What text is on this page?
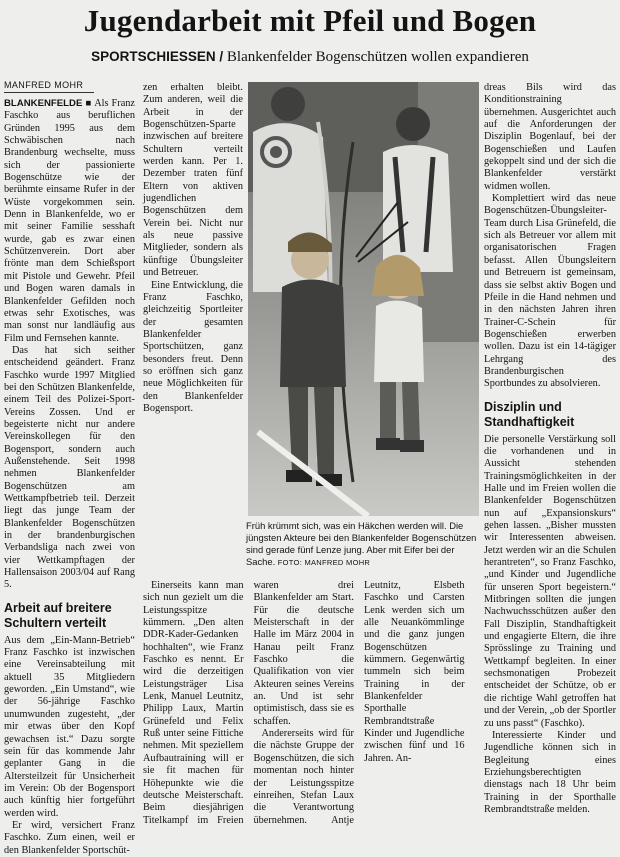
Jugendarbeit mit Pfeil und Bogen
SPORTSCHIESSEN / Blankenfelder Bogenschützen wollen expandieren
MANFRED MOHR

BLANKENFELDE ■ Als Franz Faschko aus beruflichen Gründen 1995 aus dem Schwäbischen nach Brandenburg wechselte, muss sich der passionierte Bogenschütze wie der berühmte einsame Rufer in der Wüste vorgekommen sein. Denn in Blankenfelde, wo er mit seiner Familie sesshaft wurde, gab es zwar einen Schützenverein. Dort aber frönte man dem Schießsport mit Pistole und Gewehr. Pfeil und Bogen waren damals in Blankenfelder Gefilden noch etwas sehr Exotisches, was man sonst nur landläufig aus Film und Fernsehen kannte.

Das hat sich seither entscheidend geändert. Franz Faschko wurde 1997 Mitglied bei den Schützen Blankenfelde, einem Teil des Polizei-Sport-Vereins Zossen. Und er begeisterte nicht nur andere Vereinskollegen für den Bogensport, sondern auch Außenstehende. Seit 1998 nehmen Blankenfelder Bogenschützen am Wettkampfbetrieb teil. Derzeit liegt das junge Team der Blankenfelder Bogenschützen in der brandenburgischen Verbandsliga nach zwei von vier Wettkampftagen der Hallensaison 2003/04 auf Rang 5.

Arbeit auf breitere Schultern verteilt

Aus dem „Ein-Mann-Betrieb“ Franz Faschko ist inzwischen eine Vereinsabteilung mit aktuell 35 Mitgliedern geworden. „Ein Umstand“, wie der 56-jährige Faschko unumwunden zugesteht, „der mir etwas über den Kopf gewachsen ist.“ Dazu sorgte sein für das kommende Jahr geplanter Gang in die Altersteilzeit für Unsicherheit im Verein: Ob der Bogensport auch künftig hier fortgeführt werden wird.

Er wird, versichert Franz Faschko. Zum einen, weil er den Blankenfelder Sportschüt-

zen erhalten bleibt. Zum anderen, weil die Arbeit in der Bogenschützen-Sparte inzwischen auf breitere Schultern verteilt werden kann. Per 1. Dezember traten fünf Eltern von aktiven jugendlichen Bogenschützen dem Verein bei. Nicht nur als neue passive Mitglieder, sondern als künftige Übungsleiter und Betreuer.

Eine Entwicklung, die Franz Faschko, gleichzeitig Sportleiter der gesamten Blankenfelder Sportschützen, ganz besonders freut. Denn so eröffnen sich ganz neue Möglichkeiten für den Blankenfelder Bogensport.

Früh krümmt sich, was ein Häkchen werden will. Die jüngsten Akteure bei den Blankenfelder Bogenschützen sind gerade fünf Lenze jung. Aber mit Eifer bei der Sache. FOTO: MANFRED MOHR

Einerseits kann man sich nun gezielt um die Leistungsspitze kümmern. „Den alten DDR-Kader-Gedanken hochhalten“, wie Franz Faschko es nennt. Er wird die derzeitigen Leistungsträger Lisa Lenk, Manuel Leutnitz, Philipp Laux, Martin Grünefeld und Felix Ruß unter seine Fittiche nehmen. Mit speziellem Aufbautraining will er sie fit machen für Höhepunkte wie die deutsche Meisterschaft. Beim diesjährigen Titelkampf im Freien waren drei Blankenfelder am Start. Für die deutsche Meisterschaft in der Halle im März 2004 in Hanau peilt Franz Faschko die Qualifikation von vier Akteuren seines Vereins an. Und ist sehr optimistisch, dass sie es schaffen.

Andererseits wird für die nächste Gruppe der Bogenschützen, die sich momentan noch hinter der Leistungsspitze einreihen, Stefan Laux die Verantwortung übernehmen. Antje Leutnitz, Elsbeth Faschko und Carsten Lenk werden sich um alle Neuankömmlinge und die ganz jungen Bogenschützen kümmern. Gegenwärtig tummeln sich beim Training in der Blankenfelder Sporthalle Rembrandtstraße Kinder und Jugendliche zwischen fünf und 16 Jahren. An-

dreas Bils wird das Konditionstraining übernehmen. Ausgerichtet auch auf die Anforderungen der Disziplin Bogenlauf, bei der Bogenschießen und Laufen gekoppelt sind und der sich die Blankenfelder verstärkt widmen wollen.

Komplettiert wird das neue Bogenschützen-Übungsleiter-Team durch Lisa Grünefeld, die sich als Betreuer vor allem mit organisatorischen Fragen befasst. Allen Übungsleitern und Betreuern ist gemeinsam, dass sie selbst aktiv Bogen und Pfeile in die Hand nehmen und in den nächsten Jahren ihren Trainer-C-Schein für Bogenschießen erwerben wollen. Dazu ist ein 14-tägiger Lehrgang des Brandenburgischen Sportbundes zu absolvieren.

Disziplin und Standhaftigkeit

Die personelle Verstärkung soll die vorhandenen und in Aussicht stehenden Trainingsmöglichkeiten in der Halle und im Freien wollen die Blankenfelder Bogenschützen nun auf „Expansionskurs“ gehen lassen. „Bisher mussten wir Interessenten abweisen. Jetzt werden wir an die Schulen herantreten“, so Franz Faschko, „und Kinder und Jugendliche für unseren Sport begeistern.“ Mitbringen sollten die jungen Nachwuchsschützen außer den Fall Disziplin, Standhaftigkeit und engagierte Eltern, die ihre Sprösslinge zu Training und Wettkampf begleiten. In einer sechsmonatigen Probezeit entscheidet der Schütze, ob er die richtige Wahl getroffen hat und der Verein, „ob der Sportler zu uns passt“ (Faschko).

Interessierte Kinder und Jugendliche können sich in Begleitung eines Erziehungsberechtigten dienstags nach 18 Uhr beim Training in der Sporthalle Rembrandtstraße melden.
